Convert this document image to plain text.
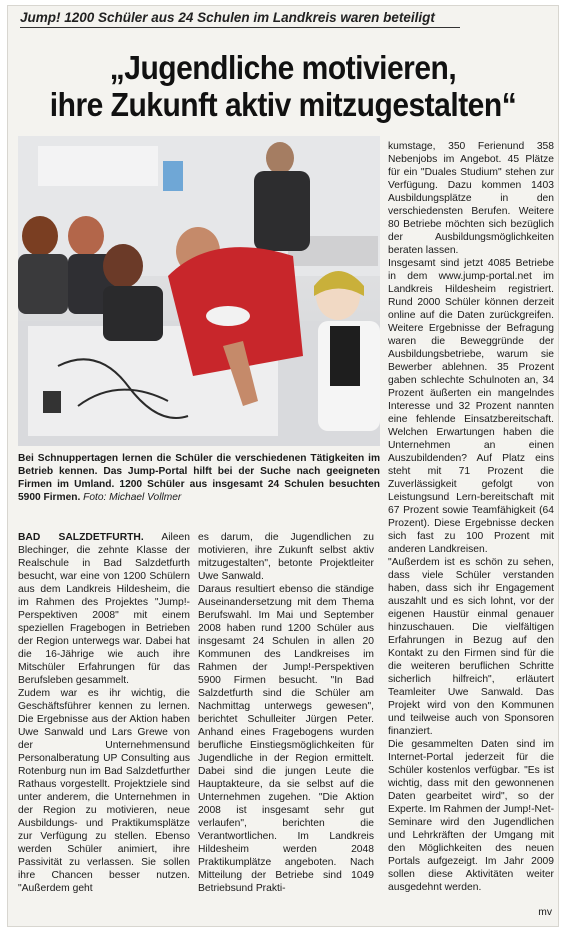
Jump! 1200 Schüler aus 24 Schulen im Landkreis waren beteiligt
„Jugendliche motivieren,
ihre Zukunft aktiv mitzugestalten“
Bei Schnuppertagen lernen die Schüler die verschiedenen Tätigkeiten im Betrieb kennen. Das Jump-Portal hilft bei der Suche nach geeigneten Firmen im Umland. 1200 Schüler aus insgesamt 24 Schulen besuchten 5900 Firmen. Foto: Michael Vollmer

BAD SALZDETFURTH. Aileen Blechinger, die zehnte Klasse der Realschule in Bad Salzdetfurth besucht, war eine von 1200 Schülern aus dem Landkreis Hildesheim, die im Rahmen des Projektes "Jump!-Perspektiven 2008" mit einem speziellen Fragebogen in Betrieben der Region unterwegs war. Dabei hat die 16-Jährige wie auch ihre Mitschüler Erfahrungen für das Berufsleben gesammelt.

Zudem war es ihr wichtig, die Geschäftsführer kennen zu lernen. Die Ergebnisse aus der Aktion haben Uwe Sanwald und Lars Grewe von der Unternehmensund Personalberatung UP Consulting aus Rotenburg nun im Bad Salzdetfurther Rathaus vorgestellt. Projektziele sind unter anderem, die Unternehmen in der Region zu motivieren, neue Ausbildungs- und Praktikumsplätze zur Verfügung zu stellen. Ebenso werden Schüler animiert, ihre Passivität zu verlassen. Sie sollen ihre Chancen besser nutzen. "Außerdem geht

es darum, die Jugendlichen zu motivieren, ihre Zukunft selbst aktiv mitzugestalten", betonte Projektleiter Uwe Sanwald.

Daraus resultiert ebenso die ständige Auseinandersetzung mit dem Thema Berufswahl. Im Mai und September 2008 haben rund 1200 Schüler aus insgesamt 24 Schulen in allen 20 Kommunen des Landkreises im Rahmen der Jump!-Perspektiven 5900 Firmen besucht. "In Bad Salzdetfurth sind die Schüler am Nachmittag unterwegs gewesen", berichtet Schulleiter Jürgen Peter. Anhand eines Fragebogens wurden berufliche Einstiegsmöglichkeiten für Jugendliche in der Region ermittelt. Dabei sind die jungen Leute die Hauptakteure, da sie selbst auf die Unternehmen zugehen. "Die Aktion 2008 ist insgesamt sehr gut verlaufen", berichten die Verantwortlichen. Im Landkreis Hildesheim werden 2048 Praktikumplätze angeboten. Nach Mitteilung der Betriebe sind 1049 Betriebsund Prakti-

kumstage, 350 Ferienund 358 Nebenjobs im Angebot. 45 Plätze für ein "Duales Studium" stehen zur Verfügung. Dazu kommen 1403 Ausbildungsplätze in den verschiedensten Berufen. Weitere 80 Betriebe möchten sich bezüglich der Ausbildungsmöglichkeiten beraten lassen.

Insgesamt sind jetzt 4085 Betriebe in dem www.jump-portal.net im Landkreis Hildesheim registriert. Rund 2000 Schüler können derzeit online auf die Daten zurückgreifen. Weitere Ergebnisse der Befragung waren die Beweggründe der Ausbildungsbetriebe, warum sie Bewerber ablehnen. 35 Prozent gaben schlechte Schulnoten an, 34 Prozent äußerten ein mangelndes Interesse und 32 Prozent nannten eine fehlende Einsatzbereitschaft. Welchen Erwartungen haben die Unternehmen an einen Auszubildenden? Auf Platz eins steht mit 71 Prozent die Zuverlässigkeit gefolgt von Leistungsund Lern-bereitschaft mit 67 Prozent sowie Teamfähigkeit (64 Prozent). Diese Ergebnisse decken sich fast zu 100 Prozent mit anderen Landkreisen.

"Außerdem ist es schön zu sehen, dass viele Schüler verstanden haben, dass sich ihr Engagement auszahlt und es sich lohnt, vor der eigenen Haustür einmal genauer hinzuschauen. Die vielfältigen Erfahrungen in Bezug auf den Kontakt zu den Firmen sind für die die weiteren beruflichen Schritte sicherlich hilfreich", erläutert Teamleiter Uwe Sanwald. Das Projekt wird von den Kommunen und teilweise auch von Sponsoren finanziert.

Die gesammelten Daten sind im Internet-Portal jederzeit für die Schüler kostenlos verfügbar. "Es ist wichtig, dass mit den gewonnenen Daten gearbeitet wird", so der Experte. Im Rahmen der Jump!-Net-Seminare wird den Jugendlichen und Lehrkräften der Umgang mit den Möglichkeiten des neuen Portals aufgezeigt. Im Jahr 2009 sollen diese Aktivitäten weiter ausgedehnt werden.

mv
